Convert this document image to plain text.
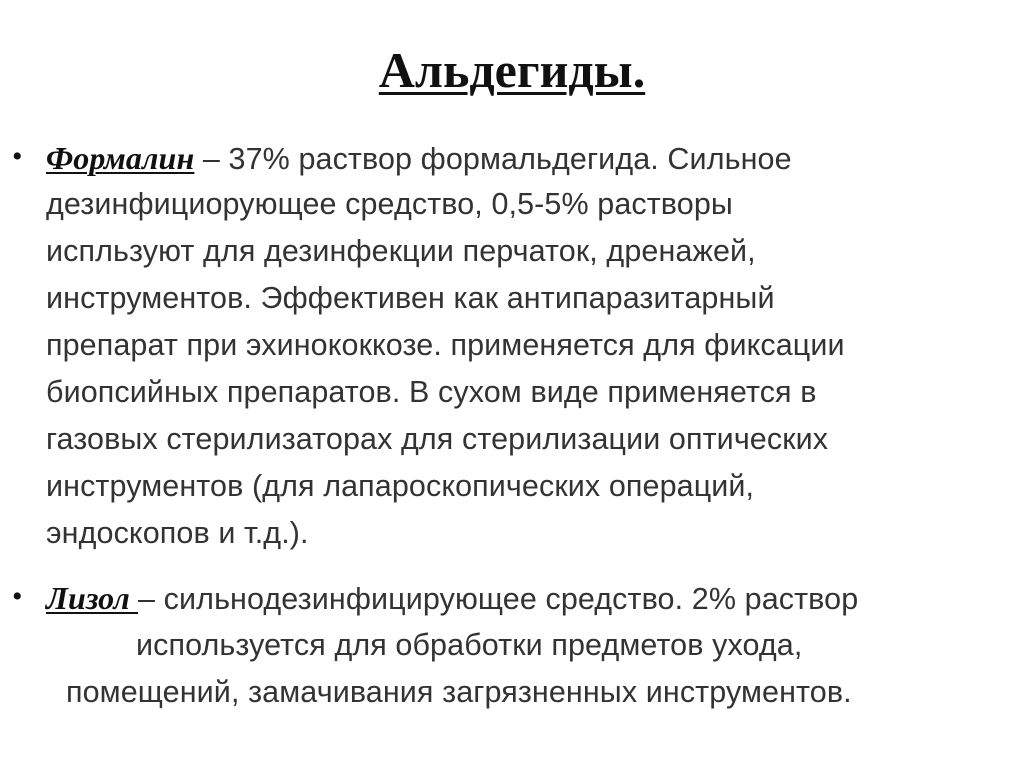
Альдегиды.
• Формалин – 37% раствор формальдегида. Сильное
дезинфициорующее средство, 0,5-5% растворы
испльзуют для дезинфекции перчаток, дренажей,
инструментов. Эффективен как антипаразитарный
препарат при эхинококкозе. применяется для фиксации
биопсийных препаратов. В сухом виде применяется в
газовых стерилизаторах для стерилизации оптических
инструментов (для лапароскопических операций,
эндоскопов и т.д.).
• Лизол – сильнодезинфицирующее средство. 2% раствор
используется для обработки предметов ухода,
помещений, замачивания загрязненных инструментов.
